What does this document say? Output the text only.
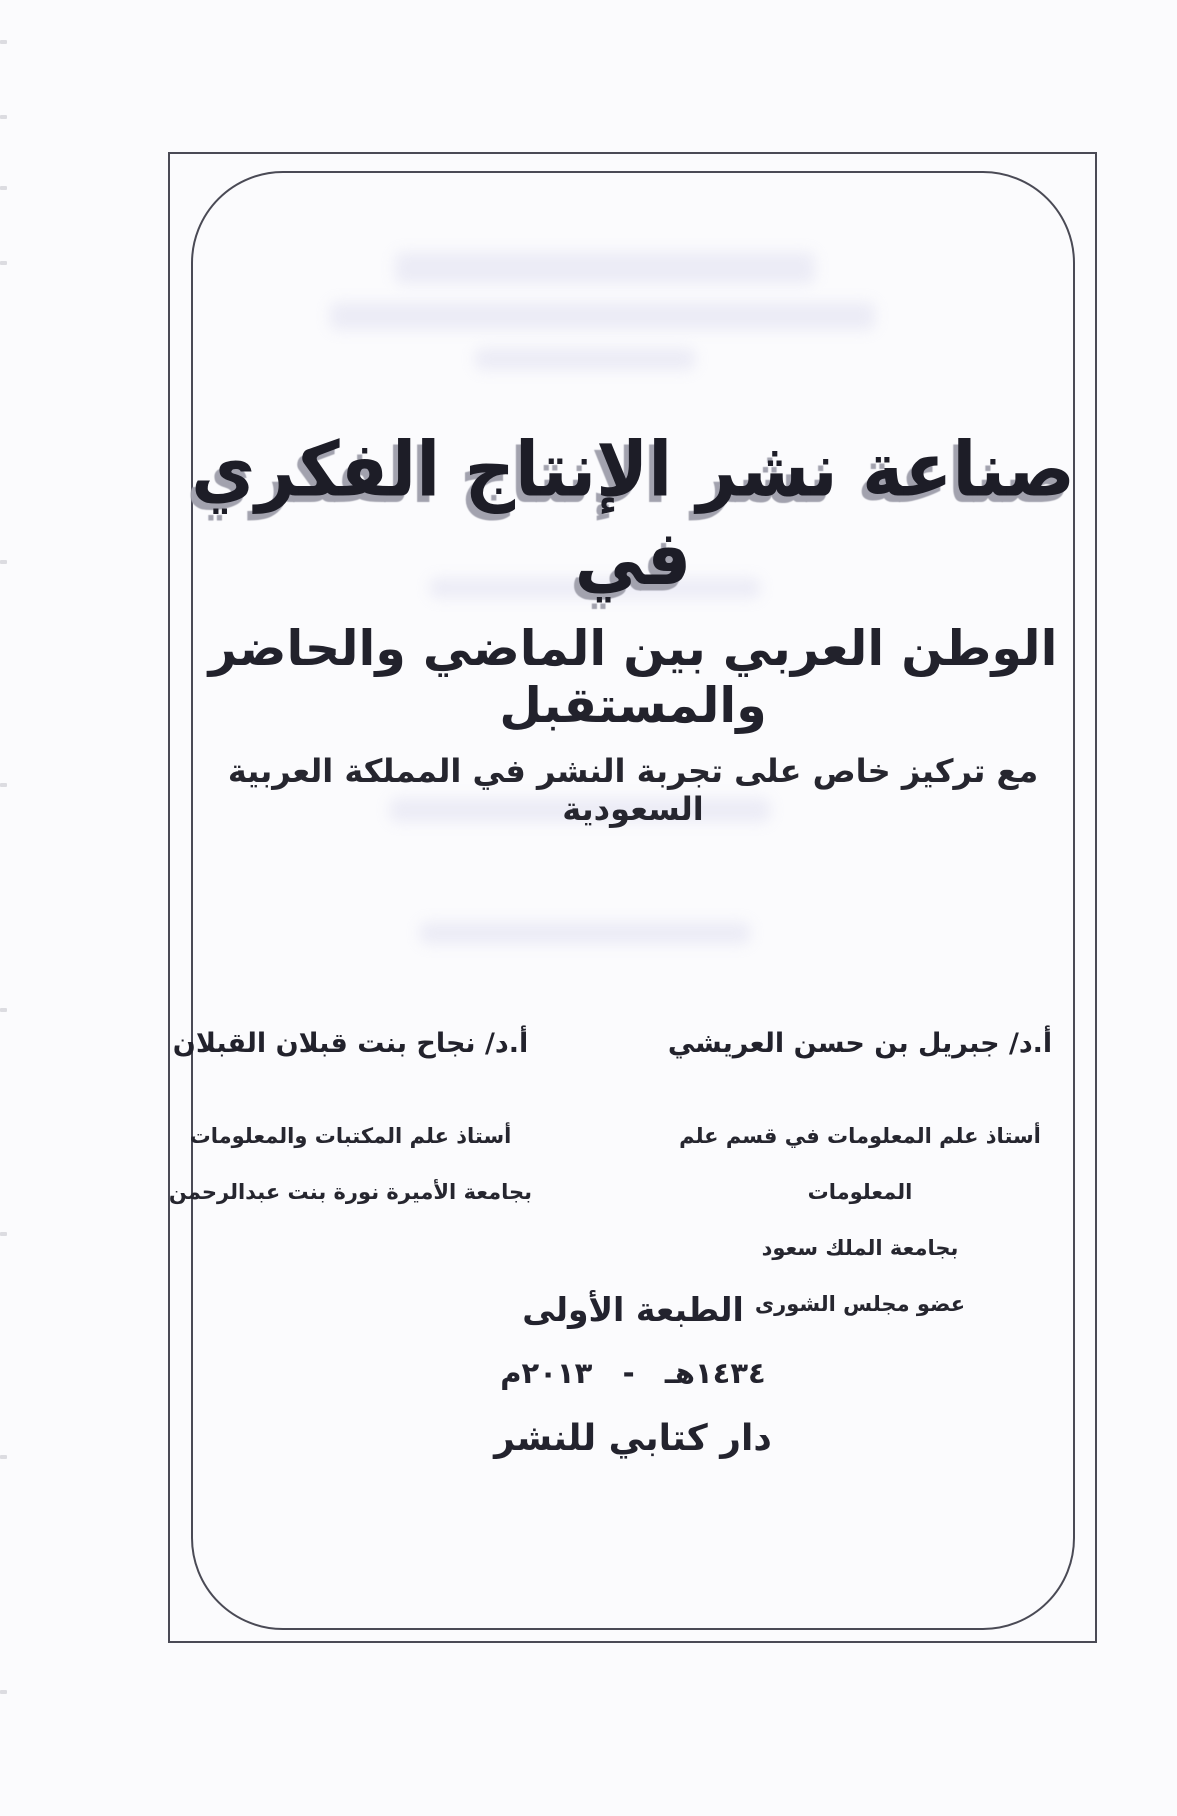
صناعة نشر الإنتاج الفكري في
الوطن العربي بين الماضي والحاضر والمستقبل
مع تركيز خاص على تجربة النشر في المملكة العربية السعودية
أ.د/ جبريل بن حسن العريشي
أستاذ علم المعلومات في قسم علم المعلومات
بجامعة الملك سعود
عضو مجلس الشورى
أ.د/ نجاح بنت قبلان القبلان
أستاذ علم المكتبات والمعلومات
بجامعة الأميرة نورة بنت عبدالرحمن
الطبعة الأولى
١٤٣٤هـ   -   ٢٠١٣م
دار كتابي للنشر
